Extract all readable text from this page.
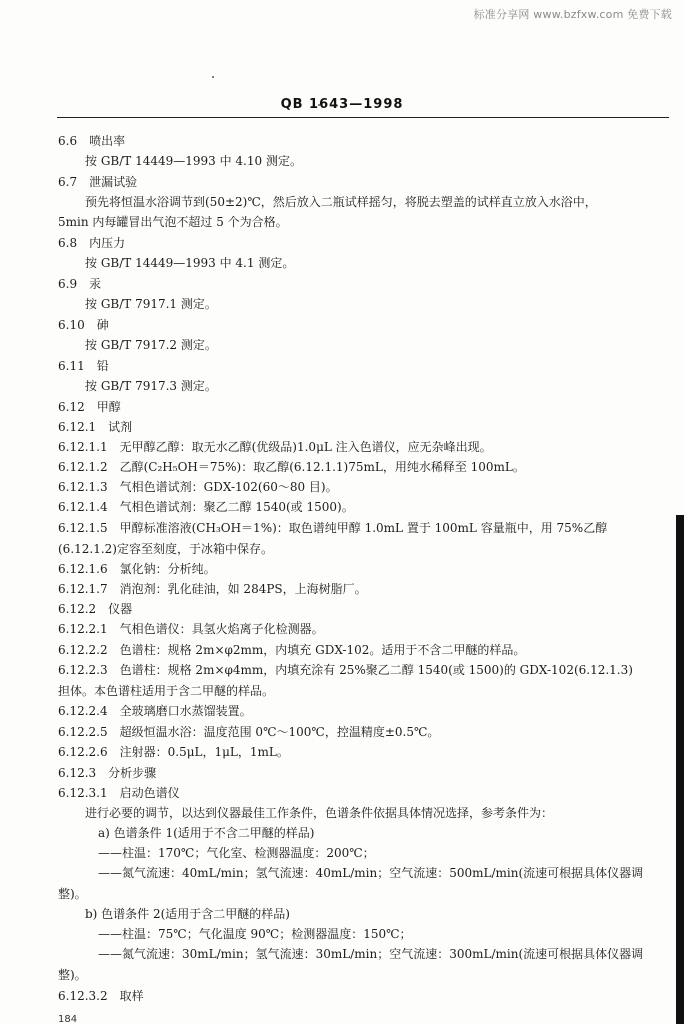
标准分享网 www.bzfxw.com 免费下载
QB 1643—1998
6.6　喷出率
按 GB/T 14449—1993 中 4.10 测定。
6.7　泄漏试验
预先将恒温水浴调节到(50±2)℃，然后放入二瓶试样摇匀，将脱去塑盖的试样直立放入水浴中，
5min 内每罐冒出气泡不超过 5 个为合格。
6.8　内压力
按 GB/T 14449—1993 中 4.1 测定。
6.9　汞
按 GB/T 7917.1 测定。
6.10　砷
按 GB/T 7917.2 测定。
6.11　铅
按 GB/T 7917.3 测定。
6.12　甲醇
6.12.1　试剂
6.12.1.1　无甲醇乙醇：取无水乙醇(优级品)1.0μL 注入色谱仪，应无杂峰出现。
6.12.1.2　乙醇(C₂H₅OH＝75%)：取乙醇(6.12.1.1)75mL，用纯水稀释至 100mL。
6.12.1.3　气相色谱试剂：GDX-102(60～80 目)。
6.12.1.4　气相色谱试剂：聚乙二醇 1540(或 1500)。
6.12.1.5　甲醇标准溶液(CH₃OH＝1%)：取色谱纯甲醇 1.0mL 置于 100mL 容量瓶中，用 75%乙醇
(6.12.1.2)定容至刻度，于冰箱中保存。
6.12.1.6　氯化钠：分析纯。
6.12.1.7　消泡剂：乳化硅油，如 284PS，上海树脂厂。
6.12.2　仪器
6.12.2.1　气相色谱仪：具氢火焰离子化检测器。
6.12.2.2　色谱柱：规格 2m×φ2mm，内填充 GDX-102。适用于不含二甲醚的样品。
6.12.2.3　色谱柱：规格 2m×φ4mm，内填充涂有 25%聚乙二醇 1540(或 1500)的 GDX-102(6.12.1.3)
担体。本色谱柱适用于含二甲醚的样品。
6.12.2.4　全玻璃磨口水蒸馏装置。
6.12.2.5　超级恒温水浴：温度范围 0℃～100℃，控温精度±0.5℃。
6.12.2.6　注射器：0.5μL，1μL，1mL。
6.12.3　分析步骤
6.12.3.1　启动色谱仪
进行必要的调节，以达到仪器最佳工作条件，色谱条件依据具体情况选择，参考条件为：
a) 色谱条件 1(适用于不含二甲醚的样品)
——柱温：170℃；气化室、检测器温度：200℃；
——氮气流速：40mL/min；氢气流速：40mL/min；空气流速：500mL/min(流速可根据具体仪器调
整)。
b) 色谱条件 2(适用于含二甲醚的样品)
——柱温：75℃；气化温度 90℃；检测器温度：150℃；
——氮气流速：30mL/min；氢气流速：30mL/min；空气流速：300mL/min(流速可根据具体仪器调
整)。
6.12.3.2　取样
184
